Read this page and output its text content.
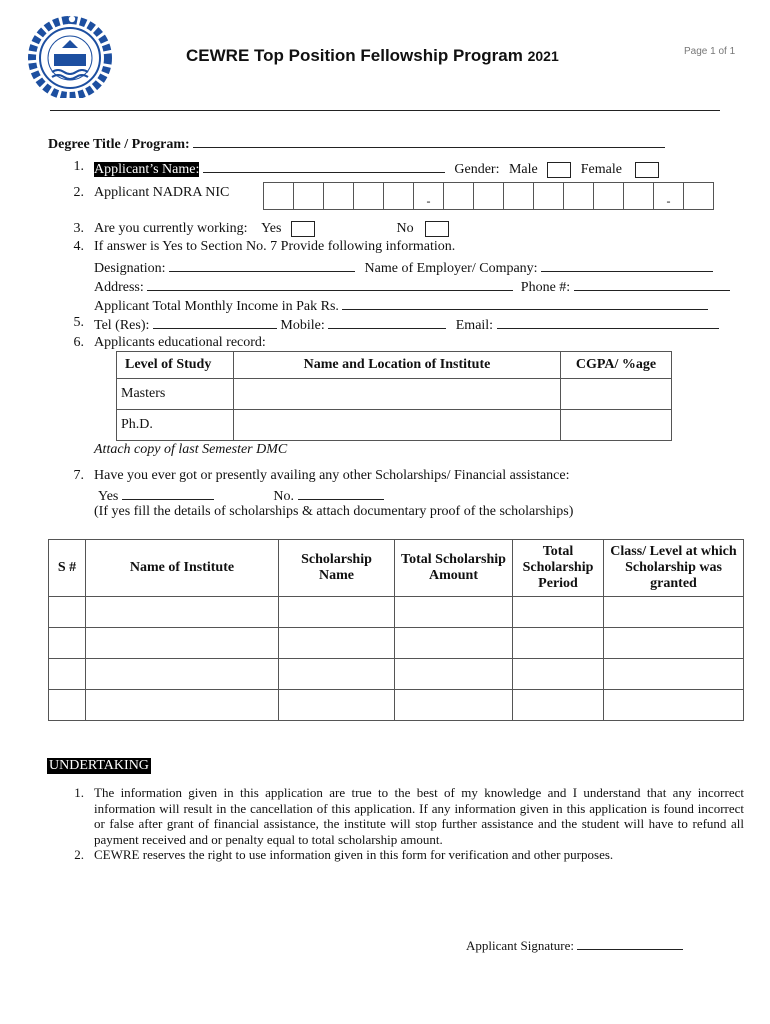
CEWRE Top Position Fellowship Program 2021	Page 1 of 1
Degree Title / Program:
1. Applicant’s Name:	Gender: Male	Female
2. Applicant NADRA NIC
					-								-	
3. Are you currently working: Yes	No
4. If answer is Yes to Section No. 7 Provide following information.
Designation:	Name of Employer/ Company:
Address:	Phone #:
Applicant Total Monthly Income in Pak Rs.
5. Tel (Res):	Mobile:	Email:
6. Applicants educational record:
Level of Study	Name and Location of Institute	CGPA/ %age
Masters		
Ph.D.		
Attach copy of last Semester DMC
7. Have you ever got or presently availing any other Scholarships/ Financial assistance:
Yes	No.
(If yes fill the details of scholarships & attach documentary proof of the scholarships)
S #	Name of Institute	Scholarship Name	Total Scholarship Amount	Total Scholarship Period	Class/ Level at which Scholarship was granted

UNDERTAKING
1. The information given in this application are true to the best of my knowledge and I understand that any incorrect information will result in the cancellation of this application. If any information given in this application is found incorrect or false after grant of financial assistance, the institute will stop further assistance and the student will have to refund all payment received and or penalty equal to total scholarship amount.
2. CEWRE reserves the right to use information given in this form for verification and other purposes.
Applicant Signature:
